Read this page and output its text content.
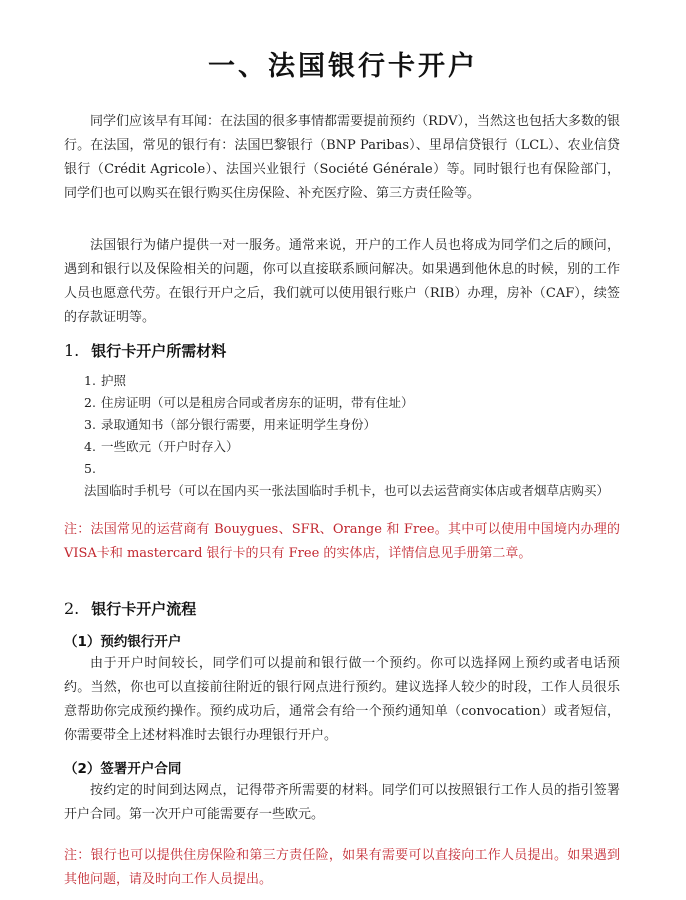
一、法国银行卡开户

同学们应该早有耳闻：在法国的很多事情都需要提前预约（RDV），当然这也包括大多数的银行。在法国，常见的银行有：法国巴黎银行（BNP Paribas）、里昂信贷银行（LCL）、农业信贷银行（Crédit Agricole）、法国兴业银行（Société Générale）等。同时银行也有保险部门，同学们也可以购买在银行购买住房保险、补充医疗险、第三方责任险等。

法国银行为储户提供一对一服务。通常来说，开户的工作人员也将成为同学们之后的顾问，遇到和银行以及保险相关的问题，你可以直接联系顾问解决。如果遇到他休息的时候，别的工作人员也愿意代劳。在银行开户之后，我们就可以使用银行账户（RIB）办理，房补（CAF），续签的存款证明等。

1. 银行卡开户所需材料
1. 护照
2. 住房证明（可以是租房合同或者房东的证明，带有住址）
3. 录取通知书（部分银行需要，用来证明学生身份）
4. 一些欧元（开户时存入）
5.法国临时手机号（可以在国内买一张法国临时手机卡，也可以去运营商实体店或者烟草店购买）

注：法国常见的运营商有 Bouygues、SFR、Orange 和 Free。其中可以使用中国境内办理的VISA卡和 mastercard 银行卡的只有 Free 的实体店，详情信息见手册第二章。

2. 银行卡开户流程
（1）预约银行开户

由于开户时间较长，同学们可以提前和银行做一个预约。你可以选择网上预约或者电话预约。当然，你也可以直接前往附近的银行网点进行预约。建议选择人较少的时段，工作人员很乐意帮助你完成预约操作。预约成功后，通常会有给一个预约通知单（convocation）或者短信，你需要带全上述材料准时去银行办理银行开户。

（2）签署开户合同

按约定的时间到达网点，记得带齐所需要的材料。同学们可以按照银行工作人员的指引签署开户合同。第一次开户可能需要存一些欧元。

注：银行也可以提供住房保险和第三方责任险，如果有需要可以直接向工作人员提出。如果遇到其他问题，请及时向工作人员提出。
